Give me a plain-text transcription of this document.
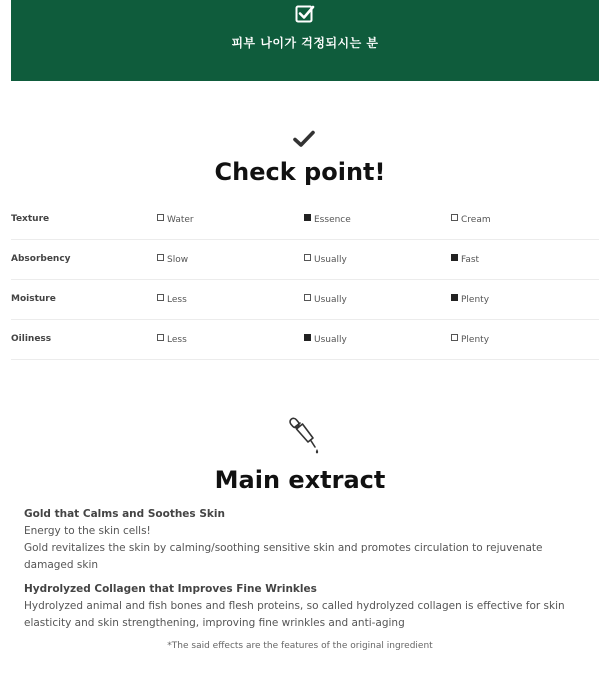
피부 나이가 걱정되시는 분
Check point!
Texture	Water	Essence	Cream
Absorbency	Slow	Usually	Fast
Moisture	Less	Usually	Plenty
Oiliness	Less	Usually	Plenty
Main extract
Gold that Calms and Soothes Skin
Energy to the skin cells!
Gold revitalizes the skin by calming/soothing sensitive skin and promotes circulation to rejuvenate damaged skin
Hydrolyzed Collagen that Improves Fine Wrinkles
Hydrolyzed animal and fish bones and flesh proteins, so called hydrolyzed collagen is effective for skin elasticity and skin strengthening, improving fine wrinkles and anti-aging
*The said effects are the features of the original ingredient
